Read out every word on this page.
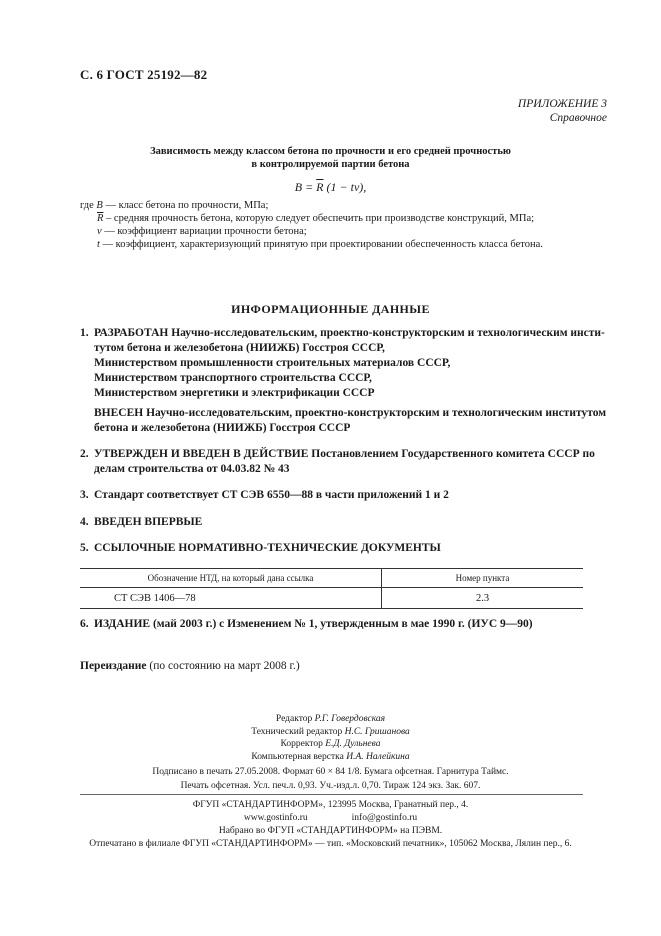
С. 6 ГОСТ 25192—82
ПРИЛОЖЕНИЕ 3
Справочное
Зависимость между классом бетона по прочности и его средней прочностью
в контролируемой партии бетона
$B = \overline{R}$ (1 − tv),
где B — класс бетона по прочности, МПа;
$\overline{R}$ – средняя прочность бетона, которую следует обеспечить при производстве конструкций, МПа;
v — коэффициент вариации прочности бетона;
t — коэффициент, характеризующий принятую при проектировании обеспеченность класса бетона.
ИНФОРМАЦИОННЫЕ ДАННЫЕ
1. РАЗРАБОТАН Научно-исследовательским, проектно-конструкторским и технологическим инсти-
тутом бетона и железобетона (НИИЖБ) Госстроя СССР,
Министерством промышленности строительных материалов СССР,
Министерством транспортного строительства СССР,
Министерством энергетики и электрификации СССР
ВНЕСЕН Научно-исследовательским, проектно-конструкторским и технологическим институтом
бетона и железобетона (НИИЖБ) Госстроя СССР
2. УТВЕРЖДЕН И ВВЕДЕН В ДЕЙСТВИЕ Постановлением Государственного комитета СССР по
делам строительства от 04.03.82 № 43
3. Стандарт соответствует СТ СЭВ 6550—88 в части приложений 1 и 2
4. ВВЕДЕН ВПЕРВЫЕ
5. ССЫЛОЧНЫЕ НОРМАТИВНО-ТЕХНИЧЕСКИЕ ДОКУМЕНТЫ
Обозначение НТД, на который дана ссылка	Номер пункта
СТ СЭВ 1406—78	2.3
6. ИЗДАНИЕ (май 2003 г.) с Изменением № 1, утвержденным в мае 1990 г. (ИУС 9—90)
Переиздание (по состоянию на март 2008 г.)
Редактор Р.Г. Говердовская
Технический редактор Н.С. Гришанова
Корректор Е.Д. Дульнева
Компьютерная верстка И.А. Налейкина
Подписано в печать 27.05.2008. Формат 60 × 84 1/8. Бумага офсетная. Гарнитура Таймс.
Печать офсетная. Усл. печ.л. 0,93. Уч.-изд.л. 0,70. Тираж 124 экз. Зак. 607.
ФГУП «СТАНДАРТИНФОРМ», 123995 Москва, Гранатный пер., 4.
www.gostinfo.ru	info@gostinfo.ru
Набрано во ФГУП «СТАНДАРТИНФОРМ» на ПЭВМ.
Отпечатано в филиале ФГУП «СТАНДАРТИНФОРМ» — тип. «Московский печатник», 105062 Москва, Лялин пер., 6.
